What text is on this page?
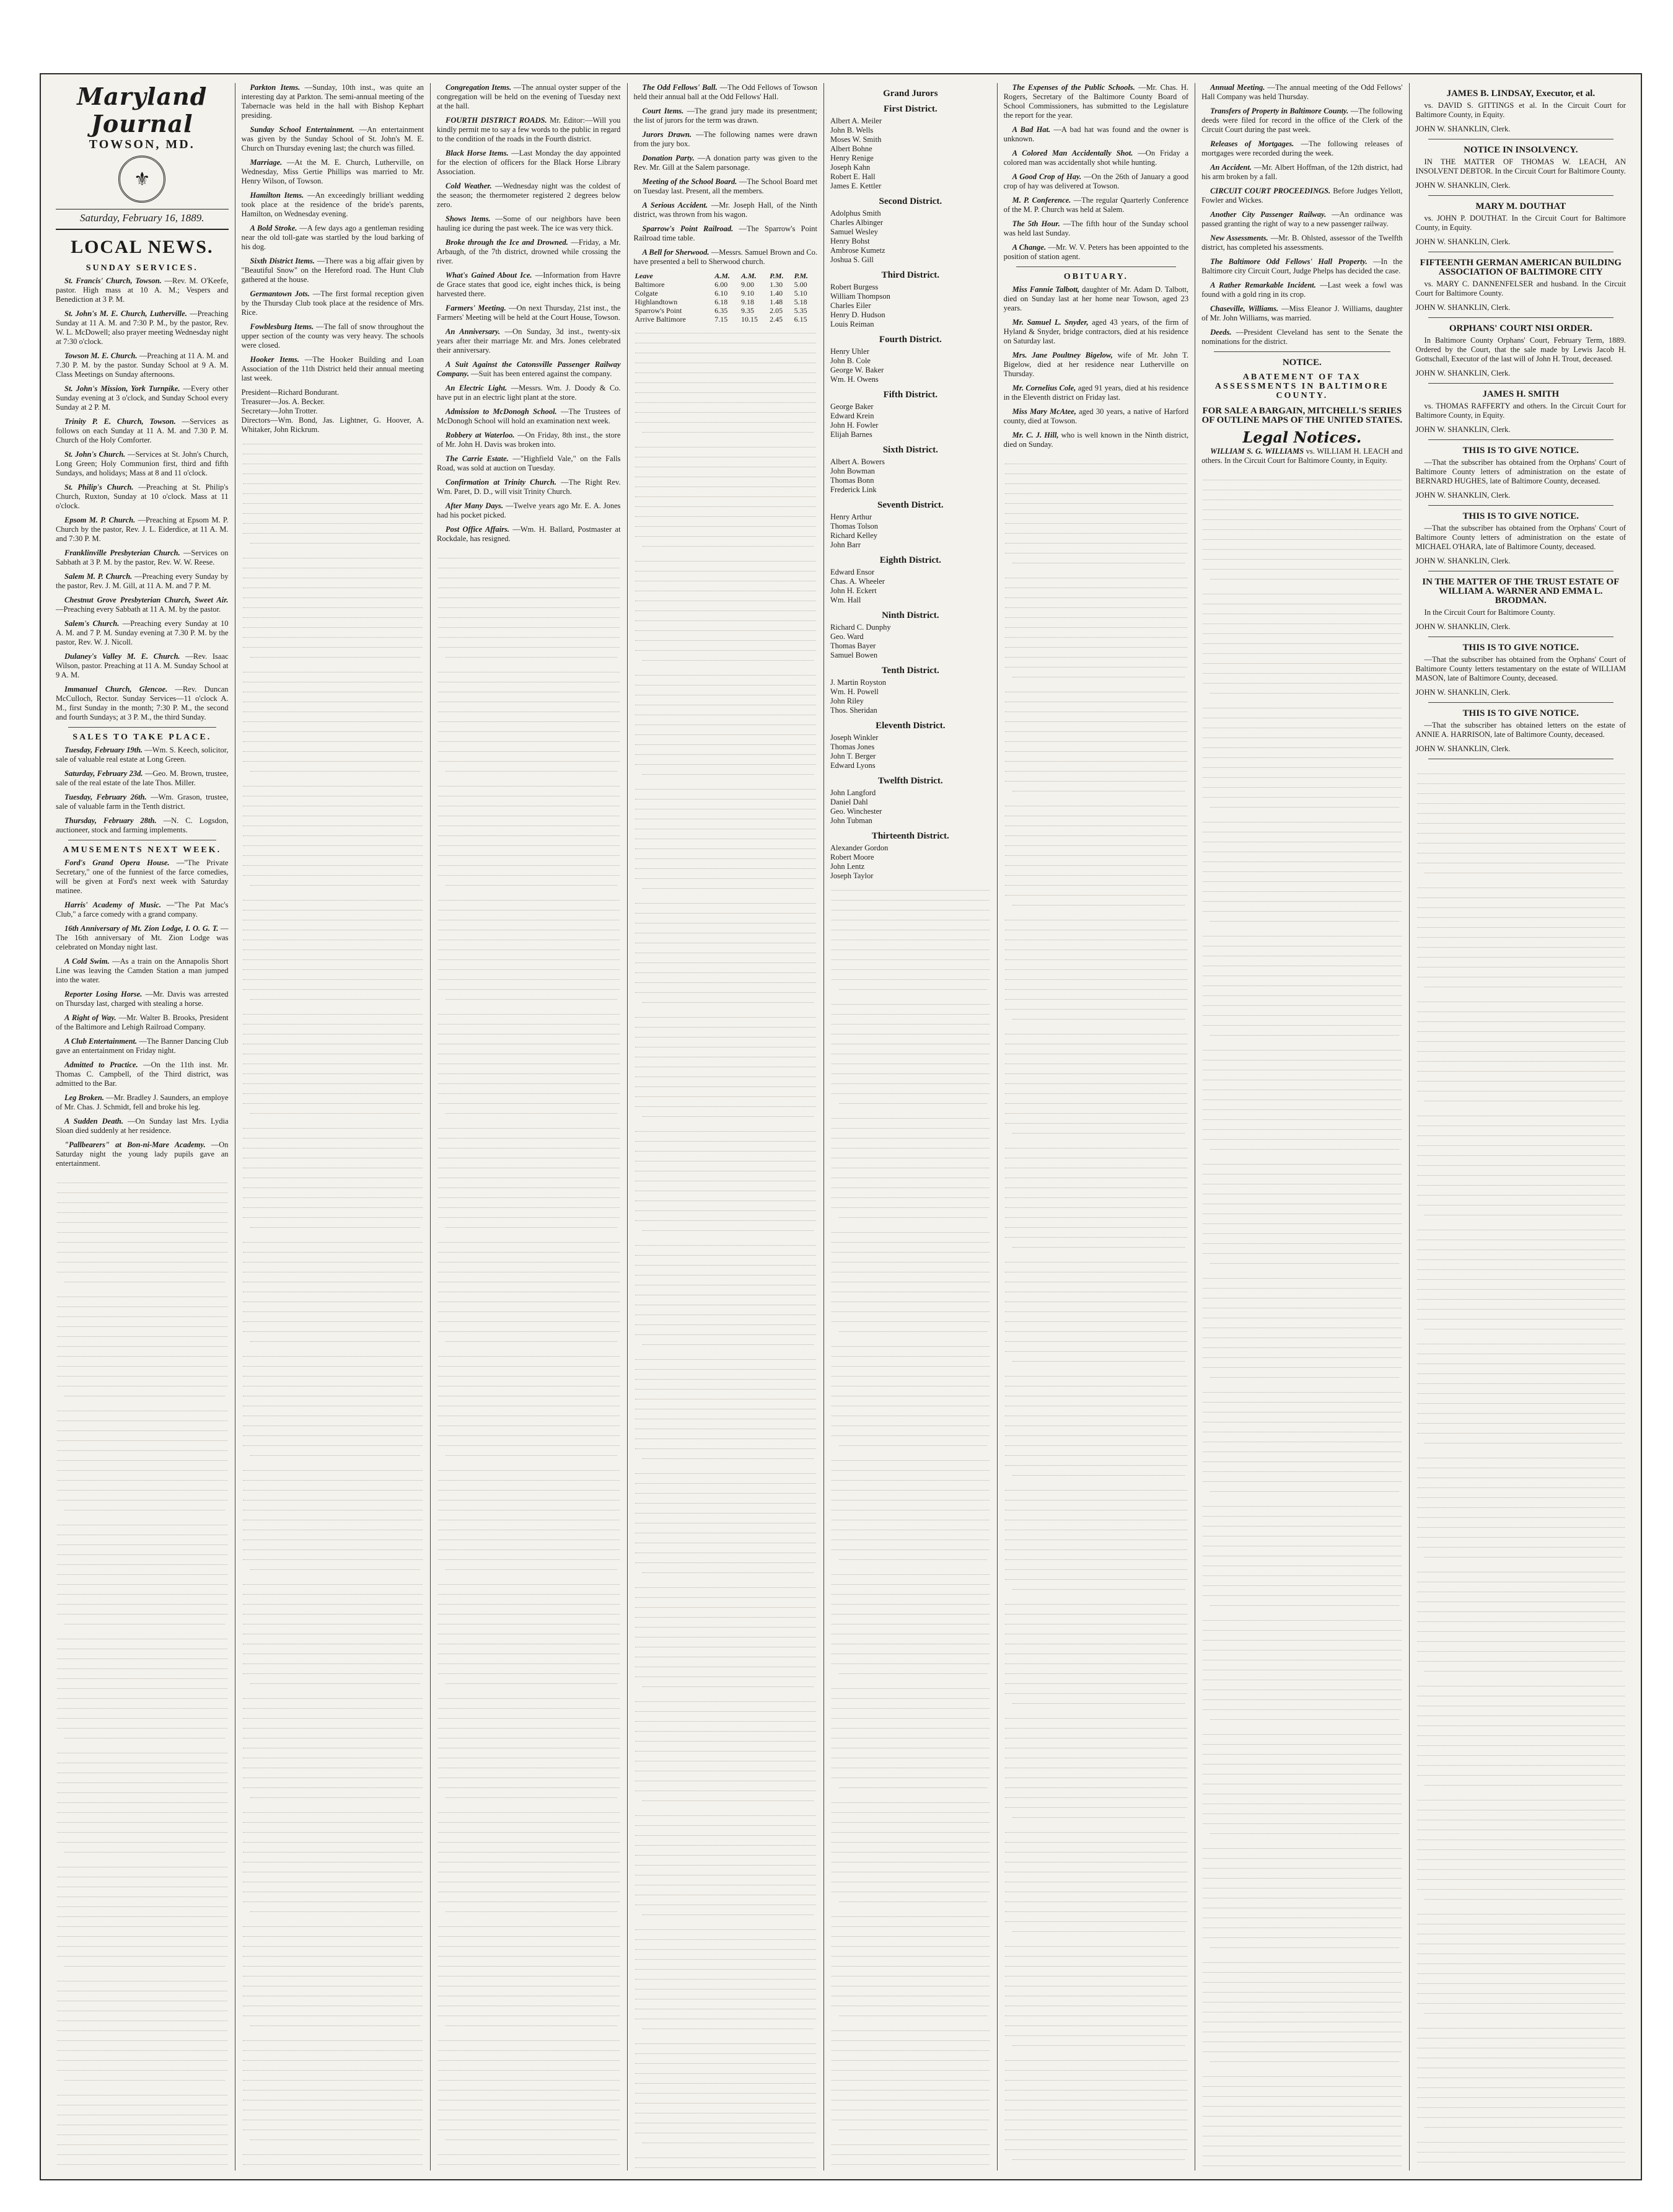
Maryland Journal
TOWSON, MD.
⚜
Saturday, February 16, 1889.
LOCAL NEWS.
SUNDAY SERVICES.

St. Francis' Church, Towson. —Rev. M. O'Keefe, pastor. High mass at 10 A. M.; Vespers and Benediction at 3 P. M.

St. John's M. E. Church, Lutherville. —Preaching Sunday at 11 A. M. and 7:30 P. M., by the pastor, Rev. W. L. McDowell; also prayer meeting Wednesday night at 7:30 o'clock.

Towson M. E. Church. —Preaching at 11 A. M. and 7.30 P. M. by the pastor. Sunday School at 9 A. M. Class Meetings on Sunday afternoons.

St. John's Mission, York Turnpike. —Every other Sunday evening at 3 o'clock, and Sunday School every Sunday at 2 P. M.

Trinity P. E. Church, Towson. —Services as follows on each Sunday at 11 A. M. and 7.30 P. M. Church of the Holy Comforter.

St. John's Church. —Services at St. John's Church, Long Green; Holy Communion first, third and fifth Sundays, and holidays; Mass at 8 and 11 o'clock.

St. Philip's Church. —Preaching at St. Philip's Church, Ruxton, Sunday at 10 o'clock. Mass at 11 o'clock.

Epsom M. P. Church. —Preaching at Epsom M. P. Church by the pastor, Rev. J. L. Eiderdice, at 11 A. M. and 7:30 P. M.

Franklinville Presbyterian Church. —Services on Sabbath at 3 P. M. by the pastor, Rev. W. W. Reese.

Salem M. P. Church. —Preaching every Sunday by the pastor, Rev. J. M. Gill, at 11 A. M. and 7 P. M.

Chestnut Grove Presbyterian Church, Sweet Air. —Preaching every Sabbath at 11 A. M. by the pastor.

Salem's Church. —Preaching every Sunday at 10 A. M. and 7 P. M. Sunday evening at 7.30 P. M. by the pastor, Rev. W. J. Nicoll.

Dulaney's Valley M. E. Church. —Rev. Isaac Wilson, pastor. Preaching at 11 A. M. Sunday School at 9 A. M.

Immanuel Church, Glencoe. —Rev. Duncan McCulloch, Rector. Sunday Services—11 o'clock A. M., first Sunday in the month; 7:30 P. M., the second and fourth Sundays; at 3 P. M., the third Sunday.

SALES TO TAKE PLACE.

Tuesday, February 19th. —Wm. S. Keech, solicitor, sale of valuable real estate at Long Green.

Saturday, February 23d. —Geo. M. Brown, trustee, sale of the real estate of the late Thos. Miller.

Tuesday, February 26th. —Wm. Grason, trustee, sale of valuable farm in the Tenth district.

Thursday, February 28th. —N. C. Logsdon, auctioneer, stock and farming implements.

AMUSEMENTS NEXT WEEK.

Ford's Grand Opera House. —"The Private Secretary," one of the funniest of the farce comedies, will be given at Ford's next week with Saturday matinee.

Harris' Academy of Music. —"The Pat Mac's Club," a farce comedy with a grand company.

16th Anniversary of Mt. Zion Lodge, I. O. G. T. —The 16th anniversary of Mt. Zion Lodge was celebrated on Monday night last.

A Cold Swim. —As a train on the Annapolis Short Line was leaving the Camden Station a man jumped into the water.

Reporter Losing Horse. —Mr. Davis was arrested on Thursday last, charged with stealing a horse.

A Right of Way. —Mr. Walter B. Brooks, President of the Baltimore and Lehigh Railroad Company.

A Club Entertainment. —The Banner Dancing Club gave an entertainment on Friday night.

Admitted to Practice. —On the 11th inst. Mr. Thomas C. Campbell, of the Third district, was admitted to the Bar.

Leg Broken. —Mr. Bradley J. Saunders, an employe of Mr. Chas. J. Schmidt, fell and broke his leg.

A Sudden Death. —On Sunday last Mrs. Lydia Sloan died suddenly at her residence.

"Pallbearers" at Bon-ni-Mare Academy. —On Saturday night the young lady pupils gave an entertainment.

Parkton Items. —Sunday, 10th inst., was quite an interesting day at Parkton. The semi-annual meeting of the Tabernacle was held in the hall with Bishop Kephart presiding.

Sunday School Entertainment. —An entertainment was given by the Sunday School of St. John's M. E. Church on Thursday evening last; the church was filled.

Marriage. —At the M. E. Church, Lutherville, on Wednesday, Miss Gertie Phillips was married to Mr. Henry Wilson, of Towson.

Hamilton Items. —An exceedingly brilliant wedding took place at the residence of the bride's parents, Hamilton, on Wednesday evening.

A Bold Stroke. —A few days ago a gentleman residing near the old toll-gate was startled by the loud barking of his dog.

Sixth District Items. —There was a big affair given by "Beautiful Snow" on the Hereford road. The Hunt Club gathered at the house.

Germantown Jots. —The first formal reception given by the Thursday Club took place at the residence of Mrs. Rice.

Fowblesburg Items. —The fall of snow throughout the upper section of the county was very heavy. The schools were closed.

Hooker Items. —The Hooker Building and Loan Association of the 11th District held their annual meeting last week.

President—Richard Bondurant.
Treasurer—Jos. A. Becker.
Secretary—John Trotter.
Directors—Wm. Bond, Jas. Lightner, G. Hoover, A. Whitaker, John Rickrum.

Congregation Items. —The annual oyster supper of the congregation will be held on the evening of Tuesday next at the hall.

FOURTH DISTRICT ROADS. Mr. Editor:—Will you kindly permit me to say a few words to the public in regard to the condition of the roads in the Fourth district.

Black Horse Items. —Last Monday the day appointed for the election of officers for the Black Horse Library Association.

Cold Weather. —Wednesday night was the coldest of the season; the thermometer registered 2 degrees below zero.

Shows Items. —Some of our neighbors have been hauling ice during the past week. The ice was very thick.

Broke through the Ice and Drowned. —Friday, a Mr. Arbaugh, of the 7th district, drowned while crossing the river.

What's Gained About Ice. —Information from Havre de Grace states that good ice, eight inches thick, is being harvested there.

Farmers' Meeting. —On next Thursday, 21st inst., the Farmers' Meeting will be held at the Court House, Towson.

An Anniversary. —On Sunday, 3d inst., twenty-six years after their marriage Mr. and Mrs. Jones celebrated their anniversary.

A Suit Against the Catonsville Passenger Railway Company. —Suit has been entered against the company.

An Electric Light. —Messrs. Wm. J. Doody & Co. have put in an electric light plant at the store.

Admission to McDonogh School. —The Trustees of McDonogh School will hold an examination next week.

Robbery at Waterloo. —On Friday, 8th inst., the store of Mr. John H. Davis was broken into.

The Carrie Estate. —"Highfield Vale," on the Falls Road, was sold at auction on Tuesday.

Confirmation at Trinity Church. —The Right Rev. Wm. Paret, D. D., will visit Trinity Church.

After Many Days. —Twelve years ago Mr. E. A. Jones had his pocket picked.

Post Office Affairs. —Wm. H. Ballard, Postmaster at Rockdale, has resigned.

The Odd Fellows' Ball. —The Odd Fellows of Towson held their annual ball at the Odd Fellows' Hall.

Court Items. —The grand jury made its presentment; the list of jurors for the term was drawn.

Jurors Drawn. —The following names were drawn from the jury box.

Donation Party. —A donation party was given to the Rev. Mr. Gill at the Salem parsonage.

Meeting of the School Board. —The School Board met on Tuesday last. Present, all the members.

A Serious Accident. —Mr. Joseph Hall, of the Ninth district, was thrown from his wagon.

Sparrow's Point Railroad. —The Sparrow's Point Railroad time table.

A Bell for Sherwood. —Messrs. Samuel Brown and Co. have presented a bell to Sherwood church.

Leave	A.M.	A.M.	P.M.	P.M.
Baltimore	6.00	9.00	1.30	5.00
Colgate	6.10	9.10	1.40	5.10
Highlandtown	6.18	9.18	1.48	5.18
Sparrow's Point	6.35	9.35	2.05	5.35
Arrive Baltimore	7.15	10.15	2.45	6.15
Grand Jurors
First District.
Albert A. Meiler
John B. Wells
Moses W. Smith
Albert Bohne
Henry Renige
Joseph Kahn
Robert E. Hall
James E. Kettler
Second District.
Adolphus Smith
Charles Albinger
Samuel Wesley
Henry Bohst
Ambrose Kumetz
Joshua S. Gill
Third District.
Robert Burgess
William Thompson
Charles Eiler
Henry D. Hudson
Louis Reiman
Fourth District.
Henry Uhler
John B. Cole
George W. Baker
Wm. H. Owens
Fifth District.
George Baker
Edward Krein
John H. Fowler
Elijah Barnes
Sixth District.
Albert A. Bowers
John Bowman
Thomas Bonn
Frederick Link
Seventh District.
Henry Arthur
Thomas Tolson
Richard Kelley
John Barr
Eighth District.
Edward Ensor
Chas. A. Wheeler
John H. Eckert
Wm. Hall
Ninth District.
Richard C. Dunphy
Geo. Ward
Thomas Bayer
Samuel Bowen
Tenth District.
J. Martin Royston
Wm. H. Powell
John Riley
Thos. Sheridan
Eleventh District.
Joseph Winkler
Thomas Jones
John T. Berger
Edward Lyons
Twelfth District.
John Langford
Daniel Dahl
Geo. Winchester
John Tubman
Thirteenth District.
Alexander Gordon
Robert Moore
John Lentz
Joseph Taylor

The Expenses of the Public Schools. —Mr. Chas. H. Rogers, Secretary of the Baltimore County Board of School Commissioners, has submitted to the Legislature the report for the year.

A Bad Hat. —A bad hat was found and the owner is unknown.

A Colored Man Accidentally Shot. —On Friday a colored man was accidentally shot while hunting.

A Good Crop of Hay. —On the 26th of January a good crop of hay was delivered at Towson.

M. P. Conference. —The regular Quarterly Conference of the M. P. Church was held at Salem.

The 5th Hour. —The fifth hour of the Sunday school was held last Sunday.

A Change. —Mr. W. V. Peters has been appointed to the position of station agent.

OBITUARY.

Miss Fannie Talbott, daughter of Mr. Adam D. Talbott, died on Sunday last at her home near Towson, aged 23 years.

Mr. Samuel L. Snyder, aged 43 years, of the firm of Hyland & Snyder, bridge contractors, died at his residence on Saturday last.

Mrs. Jane Poultney Bigelow, wife of Mr. John T. Bigelow, died at her residence near Lutherville on Thursday.

Mr. Cornelius Cole, aged 91 years, died at his residence in the Eleventh district on Friday last.

Miss Mary McAtee, aged 30 years, a native of Harford county, died at Towson.

Mr. C. J. Hill, who is well known in the Ninth district, died on Sunday.

Annual Meeting. —The annual meeting of the Odd Fellows' Hall Company was held Thursday.

Transfers of Property in Baltimore County. —The following deeds were filed for record in the office of the Clerk of the Circuit Court during the past week.

Releases of Mortgages. —The following releases of mortgages were recorded during the week.

An Accident. —Mr. Albert Hoffman, of the 12th district, had his arm broken by a fall.

CIRCUIT COURT PROCEEDINGS. Before Judges Yellott, Fowler and Wickes.

Another City Passenger Railway. —An ordinance was passed granting the right of way to a new passenger railway.

New Assessments. —Mr. B. Ohlsted, assessor of the Twelfth district, has completed his assessments.

The Baltimore Odd Fellows' Hall Property. —In the Baltimore city Circuit Court, Judge Phelps has decided the case.

A Rather Remarkable Incident. —Last week a fowl was found with a gold ring in its crop.

Chaseville, Williams. —Miss Eleanor J. Williams, daughter of Mr. John Williams, was married.

Deeds. —President Cleveland has sent to the Senate the nominations for the district.

NOTICE.
ABATEMENT OF TAX ASSESSMENTS IN BALTIMORE COUNTY.
FOR SALE A BARGAIN, MITCHELL'S SERIES OF OUTLINE MAPS OF THE UNITED STATES.
Legal Notices.

WILLIAM S. G. WILLIAMS vs. WILLIAM H. LEACH and others. In the Circuit Court for Baltimore County, in Equity.

JAMES B. LINDSAY, Executor, et al.

vs. DAVID S. GITTINGS et al. In the Circuit Court for Baltimore County, in Equity.

JOHN W. SHANKLIN, Clerk.
NOTICE IN INSOLVENCY.

IN THE MATTER OF THOMAS W. LEACH, AN INSOLVENT DEBTOR. In the Circuit Court for Baltimore County.

JOHN W. SHANKLIN, Clerk.
MARY M. DOUTHAT

vs. JOHN P. DOUTHAT. In the Circuit Court for Baltimore County, in Equity.

JOHN W. SHANKLIN, Clerk.
FIFTEENTH GERMAN AMERICAN BUILDING ASSOCIATION OF BALTIMORE CITY

vs. MARY C. DANNENFELSER and husband. In the Circuit Court for Baltimore County.

JOHN W. SHANKLIN, Clerk.
ORPHANS' COURT NISI ORDER.

In Baltimore County Orphans' Court, February Term, 1889. Ordered by the Court, that the sale made by Lewis Jacob H. Gottschall, Executor of the last will of John H. Trout, deceased.

JOHN W. SHANKLIN, Clerk.
JAMES H. SMITH

vs. THOMAS RAFFERTY and others. In the Circuit Court for Baltimore County, in Equity.

JOHN W. SHANKLIN, Clerk.
THIS IS TO GIVE NOTICE.

—That the subscriber has obtained from the Orphans' Court of Baltimore County letters of administration on the estate of BERNARD HUGHES, late of Baltimore County, deceased.

JOHN W. SHANKLIN, Clerk.
THIS IS TO GIVE NOTICE.

—That the subscriber has obtained from the Orphans' Court of Baltimore County letters of administration on the estate of MICHAEL O'HARA, late of Baltimore County, deceased.

JOHN W. SHANKLIN, Clerk.
IN THE MATTER OF THE TRUST ESTATE OF WILLIAM A. WARNER AND EMMA L. BRODMAN.

In the Circuit Court for Baltimore County.

JOHN W. SHANKLIN, Clerk.
THIS IS TO GIVE NOTICE.

—That the subscriber has obtained from the Orphans' Court of Baltimore County letters testamentary on the estate of WILLIAM MASON, late of Baltimore County, deceased.

JOHN W. SHANKLIN, Clerk.
THIS IS TO GIVE NOTICE.

—That the subscriber has obtained letters on the estate of ANNIE A. HARRISON, late of Baltimore County, deceased.

JOHN W. SHANKLIN, Clerk.
